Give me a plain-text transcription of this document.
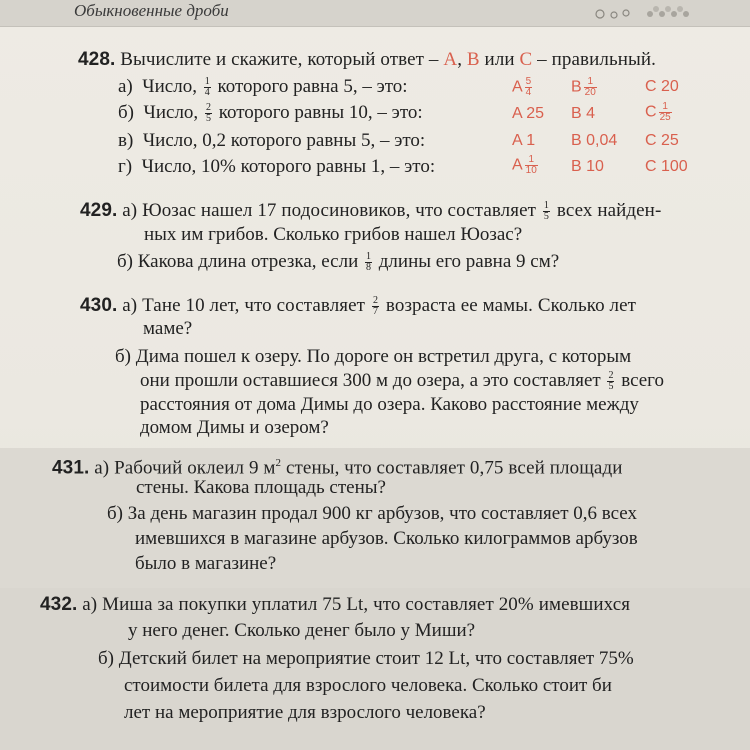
Обыкновенные дроби
428. Вычислите и скажите, который ответ – A, B или C – правильный.
а) Число, $\frac{1}{4}$ которого равна 5, – это:	A $\frac{5}{4}$ B $\frac{1}{20}$	C 20
б) Число, $\frac{2}{5}$ которого равны 10, – это:	A 25 B 4	C $\frac{1}{25}$
в) Число, 0,2 которого равны 5, – это:	A 1 B 0,04 C 25
г) Число, 10% которого равны 1, – это:	A $\frac{1}{10}$ B 10	C 100
429. а) Юозас нашел 17 подосиновиков, что составляет $\frac{1}{5}$ всех найден-
ных им грибов. Сколько грибов нашел Юозас?
б) Какова длина отрезка, если $\frac{1}{8}$ длины его равна 9 см?
430. а) Тане 10 лет, что составляет $\frac{2}{7}$ возраста ее мамы. Сколько лет
маме?
б) Дима пошел к озеру. По дороге он встретил друга, с которым
они прошли оставшиеся 300 м до озера, а это составляет $\frac{2}{5}$ всего
расстояния от дома Димы до озера. Каково расстояние между
домом Димы и озером?
431. а) Рабочий оклеил 9 $м^2$ стены, что составляет 0,75 всей площади
стены. Какова площадь стены?
б) За день магазин продал 900 кг арбузов, что составляет 0,6 всех
имевшихся в магазине арбузов. Сколько килограммов арбузов
было в магазине?
432. а) Миша за покупки уплатил 75 Lt, что составляет 20% имевшихся
у него денег. Сколько денег было у Миши?
б) Детский билет на мероприятие стоит 12 Lt, что составляет 75%
стоимости билета для взрослого человека. Сколько стоит би
лет на мероприятие для взрослого человека?
